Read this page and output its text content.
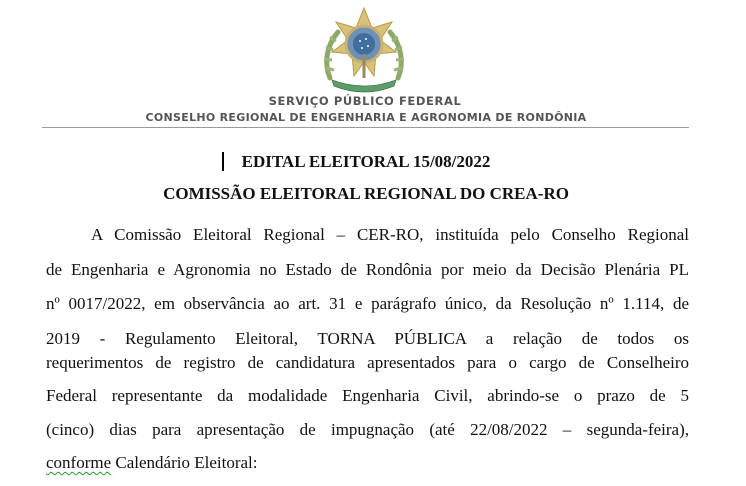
SERVIÇO PÚBLICO FEDERAL
CONSELHO REGIONAL DE ENGENHARIA E AGRONOMIA DE RONDÔNIA
EDITAL ELEITORAL 15/08/2022
COMISSÃO ELEITORAL REGIONAL DO CREA-RO
A Comissão Eleitoral Regional – CER-RO, instituída pelo Conselho Regional
de Engenharia e Agronomia no Estado de Rondônia por meio da Decisão Plenária PL
nº 0017/2022, em observância ao art. 31 e parágrafo único, da Resolução nº 1.114, de
2019 - Regulamento Eleitoral, TORNA PÚBLICA a relação de todos os
requerimentos de registro de candidatura apresentados para o cargo de Conselheiro
Federal representante da modalidade Engenharia Civil, abrindo-se o prazo de 5
(cinco) dias para apresentação de impugnação (até 22/08/2022 – segunda-feira),
conforme Calendário Eleitoral:
